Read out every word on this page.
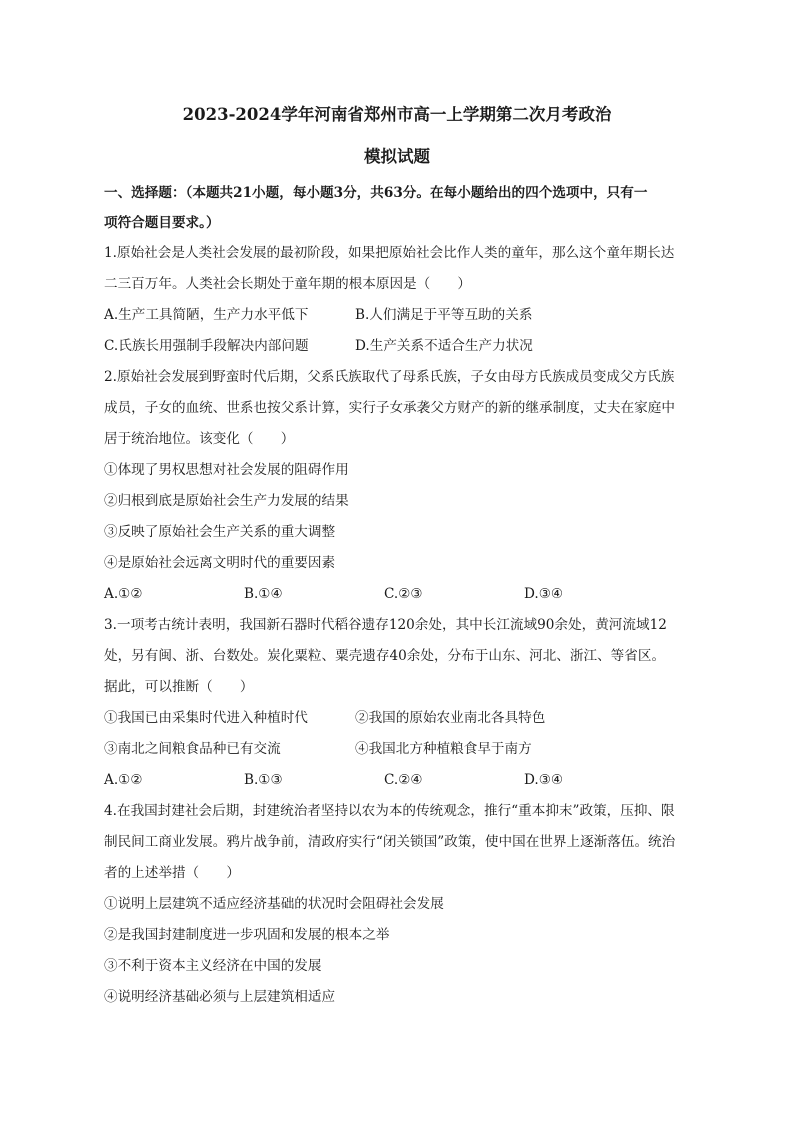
2023-2024学年河南省郑州市高一上学期第二次月考政治

模拟试题

一、选择题：（本题共21小题，每小题3分，共63分。在每小题给出的四个选项中，只有一

项符合题目要求。）

1.原始社会是人类社会发展的最初阶段，如果把原始社会比作人类的童年，那么这个童年期长达

二三百万年。人类社会长期处于童年期的根本原因是（　　）

A.生产工具简陋，生产力水平低下	B.人们满足于平等互助的关系
C.氏族长用强制手段解决内部问题	D.生产关系不适合生产力状况

2.原始社会发展到野蛮时代后期，父系氏族取代了母系氏族，子女由母方氏族成员变成父方氏族

成员，子女的血统、世系也按父系计算，实行子女承袭父方财产的新的继承制度，丈夫在家庭中

居于统治地位。该变化（　　）

①体现了男权思想对社会发展的阻碍作用

②归根到底是原始社会生产力发展的结果

③反映了原始社会生产关系的重大调整

④是原始社会远离文明时代的重要因素

A.①②	B.①④	C.②③	D.③④

3.一项考古统计表明，我国新石器时代稻谷遗存120余处，其中长江流域90余处，黄河流域12

处，另有闽、浙、台数处。炭化粟粒、粟壳遗存40余处，分布于山东、河北、浙江、等省区。

据此，可以推断（　　）

①我国已由采集时代进入种植时代	②我国的原始农业南北各具特色
③南北之间粮食品种已有交流	④我国北方种植粮食早于南方
A.①②	B.①③	C.②④	D.③④

4.在我国封建社会后期，封建统治者坚持以农为本的传统观念，推行“重本抑末”政策，压抑、限

制民间工商业发展。鸦片战争前，清政府实行“闭关锁国”政策，使中国在世界上逐渐落伍。统治

者的上述举措（　　）

①说明上层建筑不适应经济基础的状况时会阻碍社会发展

②是我国封建制度进一步巩固和发展的根本之举

③不利于资本主义经济在中国的发展

④说明经济基础必须与上层建筑相适应
